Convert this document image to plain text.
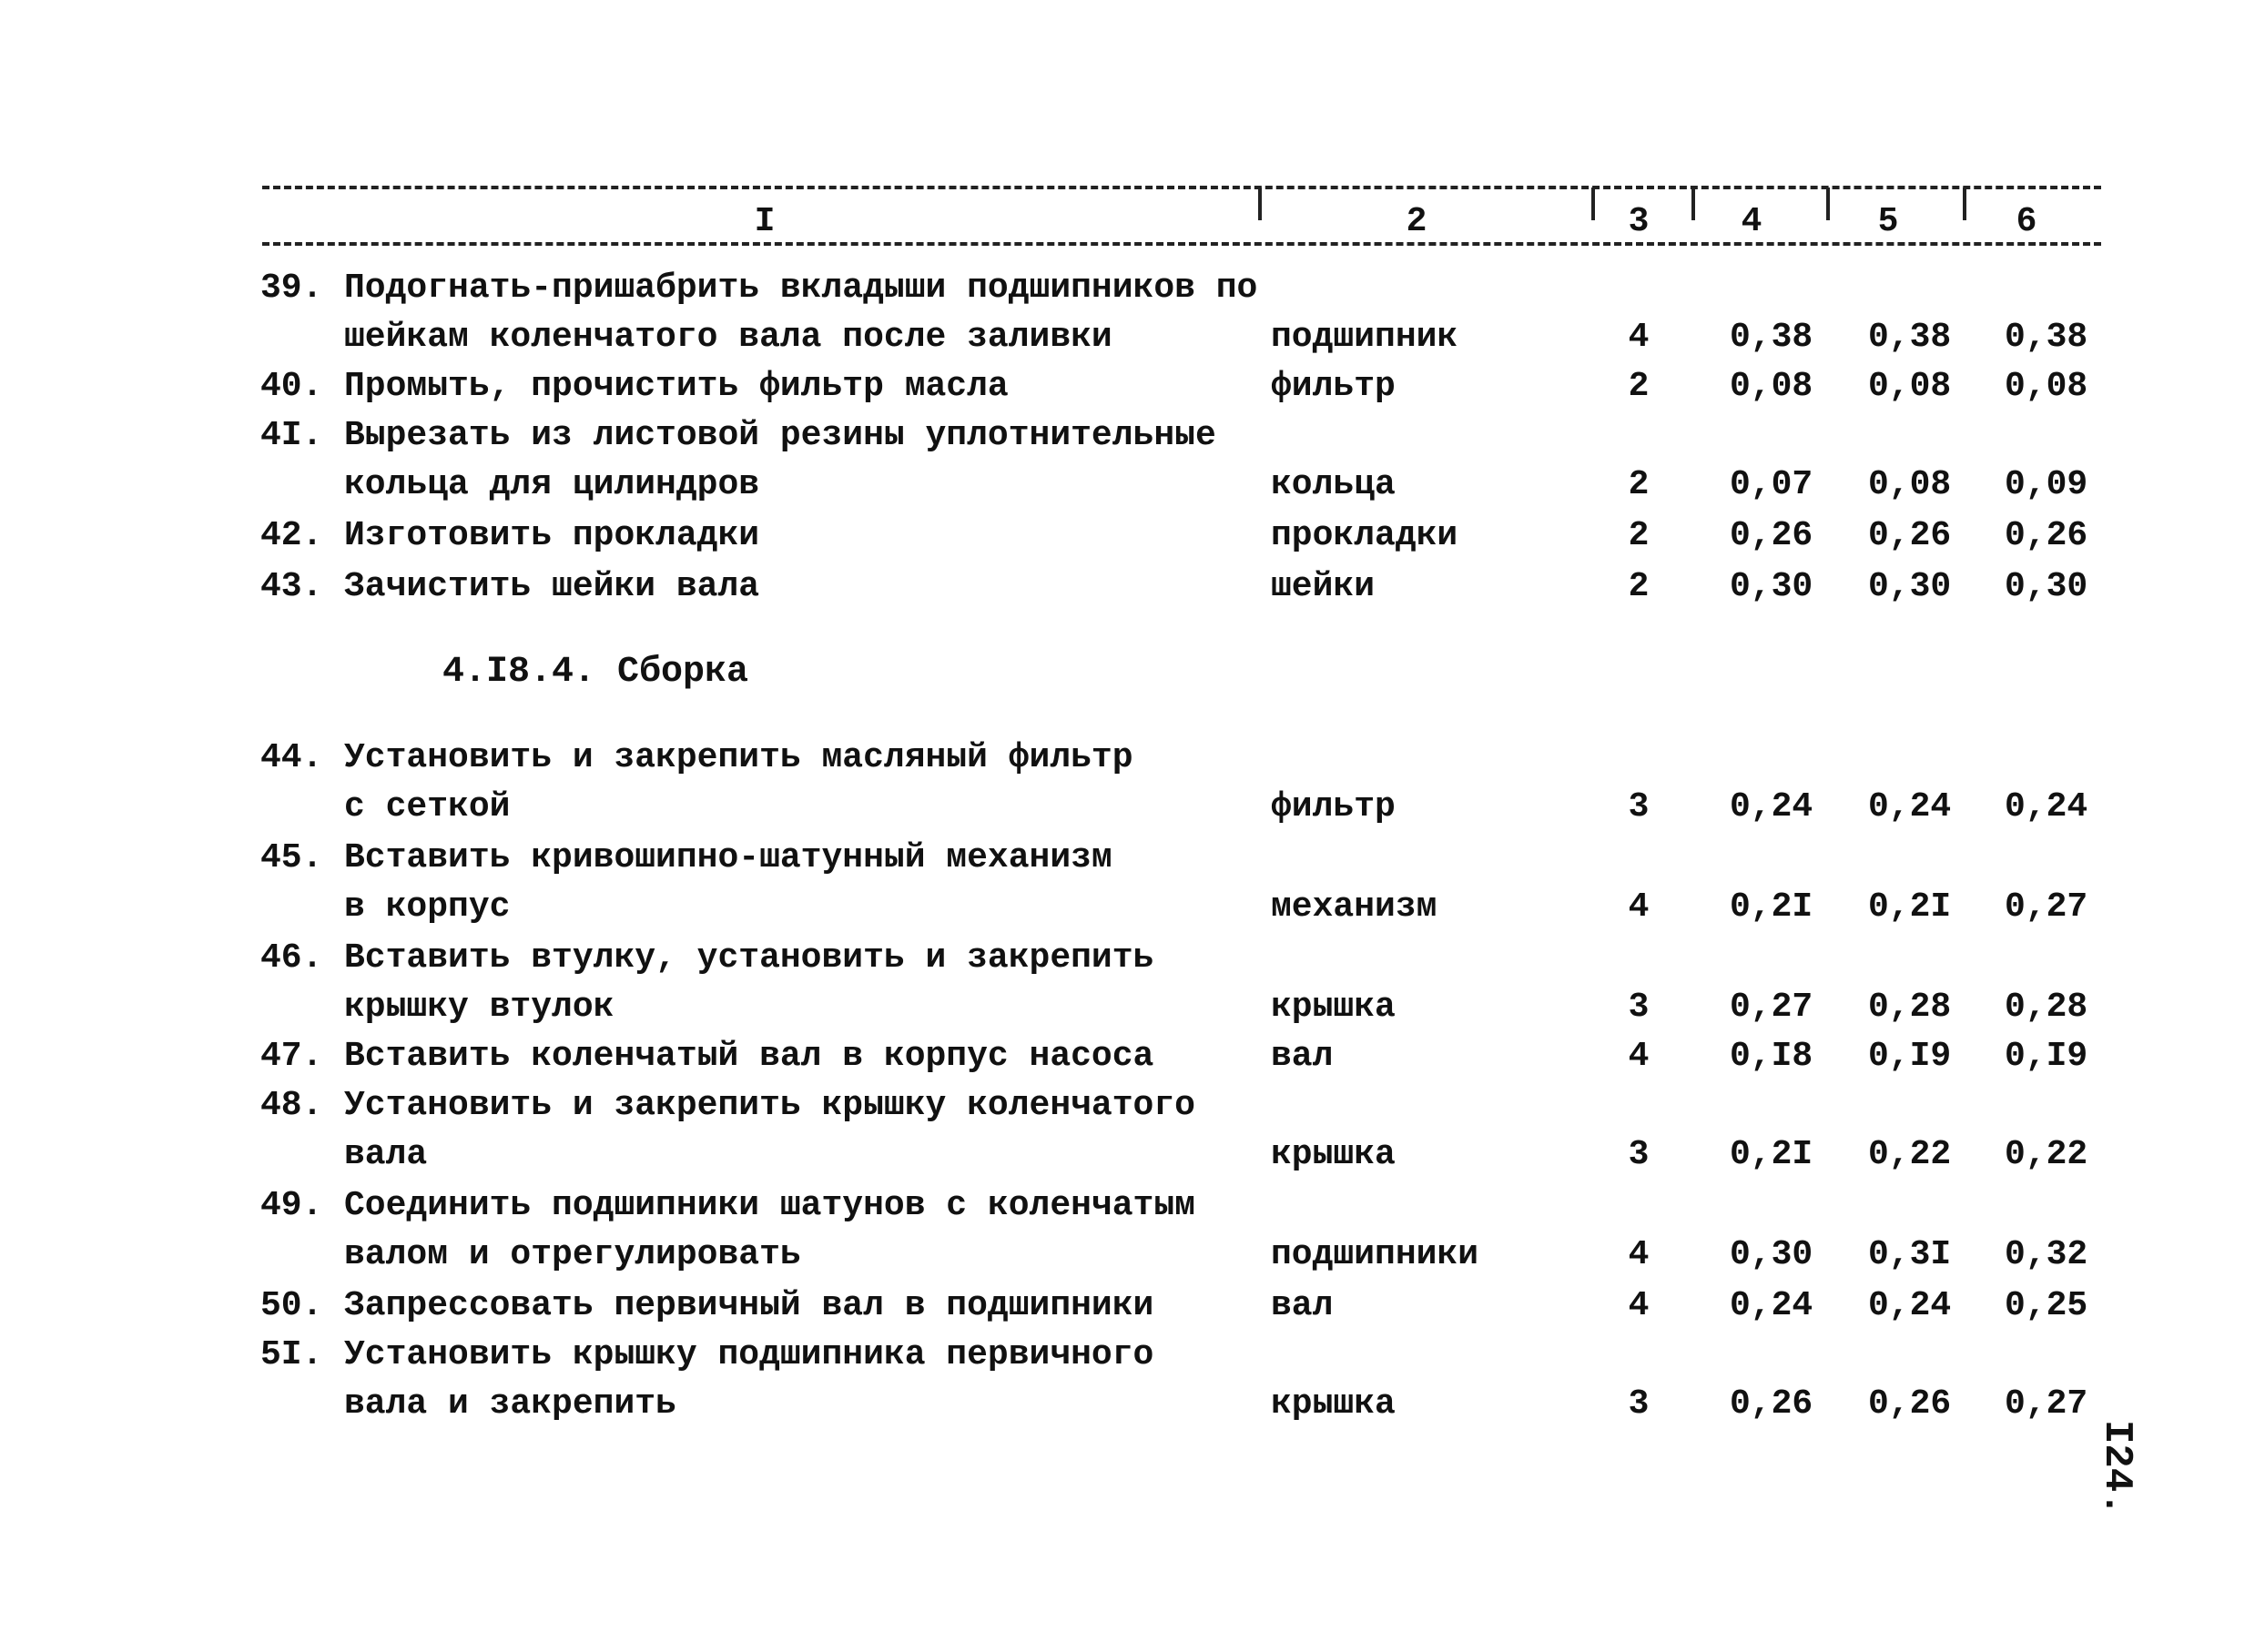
I	2	3	4	5	6
39. Подогнать-пришабрить вкладыши подшипников по
шейкам коленчатого вала после заливки	подшипник	4 0,38 0,38 0,38
40. Промыть, прочистить фильтр масла	фильтр	2 0,08 0,08 0,08
4I. Вырезать из листовой резины уплотнительные
кольца для цилиндров	кольца	2 0,07 0,08 0,09
42. Изготовить прокладки	прокладки	2 0,26 0,26 0,26
43. Зачистить шейки вала	шейки	2 0,30 0,30 0,30
4.I8.4. Сборка
44. Установить и закрепить масляный фильтр
с сеткой	фильтр	3 0,24 0,24 0,24
45. Вставить кривошипно-шатунный механизм
в корпус	механизм	4 0,2I 0,2I 0,27
46. Вставить втулку, установить и закрепить
крышку втулок	крышка	3 0,27 0,28 0,28
47. Вставить коленчатый вал в корпус насоса	вал	4 0,I8 0,I9 0,I9
48. Установить и закрепить крышку коленчатого
вала	крышка	3 0,2I 0,22 0,22
49. Соединить подшипники шатунов с коленчатым
валом и отрегулировать	подшипники	4 0,30 0,3I 0,32
50. Запрессовать первичный вал в подшипники	вал	4 0,24 0,24 0,25
5I. Установить крышку подшипника первичного
вала и закрепить	крышка	3 0,26 0,26 0,27
I24.
